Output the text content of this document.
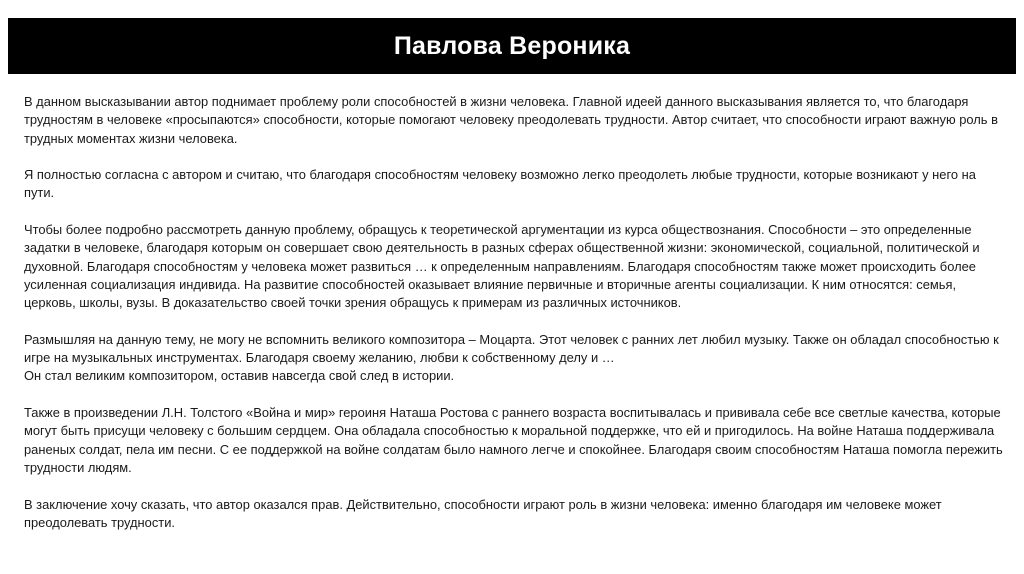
Павлова Вероника

В данном высказывании автор поднимает проблему роли способностей в жизни человека. Главной идеей данного высказывания является то, что благодаря трудностям в человеке «просыпаются» способности, которые помогают человеку преодолевать трудности. Автор считает, что способности играют важную роль в трудных моментах жизни человека.

Я полностью согласна с автором и считаю, что благодаря способностям человеку возможно легко преодолеть любые трудности, которые возникают у него на пути.

Чтобы более подробно рассмотреть данную проблему, обращусь к теоретической аргументации из курса обществознания. Способности – это определенные задатки в человеке, благодаря которым он совершает свою деятельность в разных сферах общественной жизни: экономической, социальной, политической и духовной. Благодаря способностям у человека может развиться … к определенным направлениям. Благодаря способностям также может происходить более усиленная социализация индивида. На развитие способностей оказывает влияние первичные и вторичные агенты социализации. К ним относятся: семья, церковь, школы, вузы. В доказательство своей точки зрения обращусь к примерам из различных источников.

Размышляя на данную тему, не могу не вспомнить великого композитора – Моцарта. Этот человек с ранних лет любил музыку. Также он обладал способностью к игре на музыкальных инструментах. Благодаря своему желанию, любви к собственному делу и …

Он стал великим композитором, оставив навсегда свой след в истории.

Также в произведении Л.Н. Толстого «Война и мир» героиня Наташа Ростова с раннего возраста воспитывалась и прививала себе все светлые качества, которые могут быть присущи человеку с большим сердцем. Она обладала способностью к моральной поддержке, что ей и пригодилось. На войне Наташа поддерживала раненых солдат, пела им песни. С ее поддержкой на войне солдатам было намного легче и спокойнее. Благодаря своим способностям Наташа помогла пережить трудности людям.

В заключение хочу сказать, что автор оказался прав. Действительно, способности играют роль в жизни человека: именно благодаря им человеке может преодолевать трудности.
